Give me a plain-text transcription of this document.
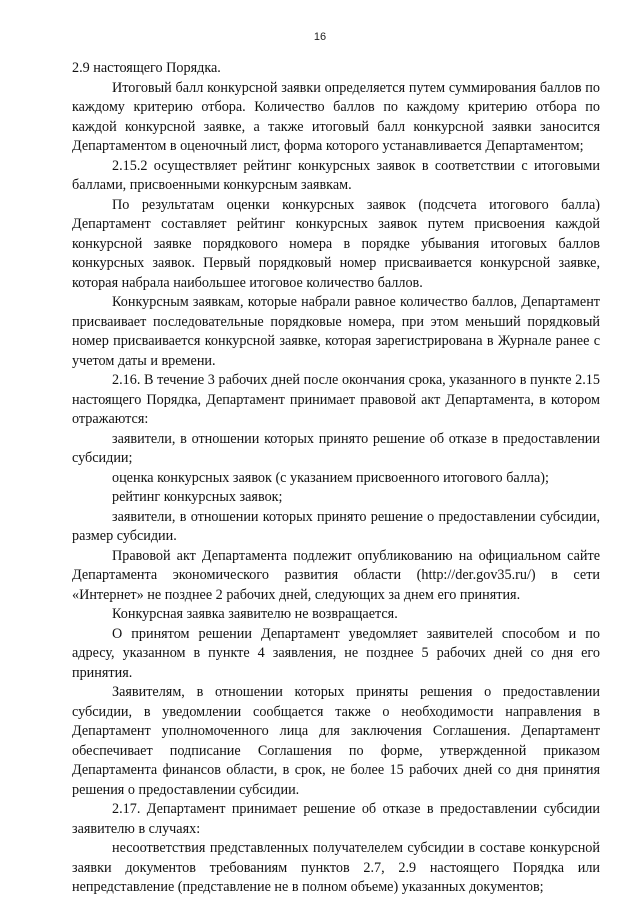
16

2.9 настоящего Порядка.

Итоговый балл конкурсной заявки определяется путем суммирования баллов по каждому критерию отбора. Количество баллов по каждому критерию отбора по каждой конкурсной заявке, а также итоговый балл конкурсной заявки заносится Департаментом в оценочный лист, форма которого устанавливается Департаментом;

2.15.2 осуществляет рейтинг конкурсных заявок в соответствии с итоговыми баллами, присвоенными конкурсным заявкам.

По результатам оценки конкурсных заявок (подсчета итогового балла) Департамент составляет рейтинг конкурсных заявок путем присвоения каждой конкурсной заявке порядкового номера в порядке убывания итоговых баллов конкурсных заявок. Первый порядковый номер присваивается конкурсной заявке, которая набрала наибольшее итоговое количество баллов.

Конкурсным заявкам, которые набрали равное количество баллов, Департамент присваивает последовательные порядковые номера, при этом меньший порядковый номер присваивается конкурсной заявке, которая зарегистрирована в Журнале ранее с учетом даты и времени.

2.16. В течение 3 рабочих дней после окончания срока, указанного в пункте 2.15 настоящего Порядка, Департамент принимает правовой акт Департамента, в котором отражаются:

заявители, в отношении которых принято решение об отказе в предоставлении субсидии;

оценка конкурсных заявок (с указанием присвоенного итогового балла);

рейтинг конкурсных заявок;

заявители, в отношении которых принято решение о предоставлении субсидии, размер субсидии.

Правовой акт Департамента подлежит опубликованию на официальном сайте Департамента экономического развития области (http://der.gov35.ru/) в сети «Интернет» не позднее 2 рабочих дней, следующих за днем его принятия.

Конкурсная заявка заявителю не возвращается.

О принятом решении Департамент уведомляет заявителей способом и по адресу, указанном в пункте 4 заявления, не позднее 5 рабочих дней со дня его принятия.

Заявителям, в отношении которых приняты решения о предоставлении субсидии, в уведомлении сообщается также о необходимости направления в Департамент уполномоченного лица для заключения Соглашения. Департамент обеспечивает подписание Соглашения по форме, утвержденной приказом Департамента финансов области, в срок, не более 15 рабочих дней со дня принятия решения о предоставлении субсидии.

2.17. Департамент принимает решение об отказе в предоставлении субсидии заявителю в случаях:

несоответствия представленных получателелем субсидии в составе конкурсной заявки документов требованиям пунктов 2.7, 2.9 настоящего Порядка или непредставление (представление не в полном объеме) указанных документов;
